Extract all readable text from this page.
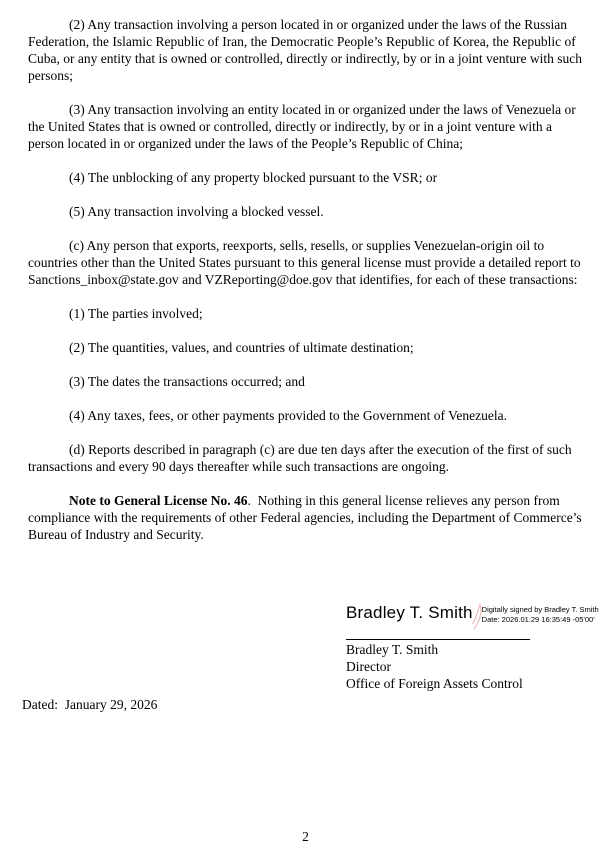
(2) Any transaction involving a person located in or organized under the laws of the Russian Federation, the Islamic Republic of Iran, the Democratic People’s Republic of Korea, the Republic of Cuba, or any entity that is owned or controlled, directly or indirectly, by or in a joint venture with such persons;

(3) Any transaction involving an entity located in or organized under the laws of Venezuela or the United States that is owned or controlled, directly or indirectly, by or in a joint venture with a person located in or organized under the laws of the People’s Republic of China;

(4) The unblocking of any property blocked pursuant to the VSR; or

(5) Any transaction involving a blocked vessel.

(c) Any person that exports, reexports, sells, resells, or supplies Venezuelan-origin oil to countries other than the United States pursuant to this general license must provide a detailed report to Sanctions_inbox@state.gov and VZReporting@doe.gov that identifies, for each of these transactions:

(1) The parties involved;

(2) The quantities, values, and countries of ultimate destination;

(3) The dates the transactions occurred; and

(4) Any taxes, fees, or other payments provided to the Government of Venezuela.

(d) Reports described in paragraph (c) are due ten days after the execution of the first of such transactions and every 90 days thereafter while such transactions are ongoing.

Note to General License No. 46.  Nothing in this general license relieves any person from compliance with the requirements of other Federal agencies, including the Department of Commerce’s Bureau of Industry and Security.

Bradley T. Smith Digitally signed by Bradley T. Smith
Date: 2026.01.29 16:35:49 -05'00'
Bradley T. Smith
Director
Office of Foreign Assets Control
Dated:  January 29, 2026
2
